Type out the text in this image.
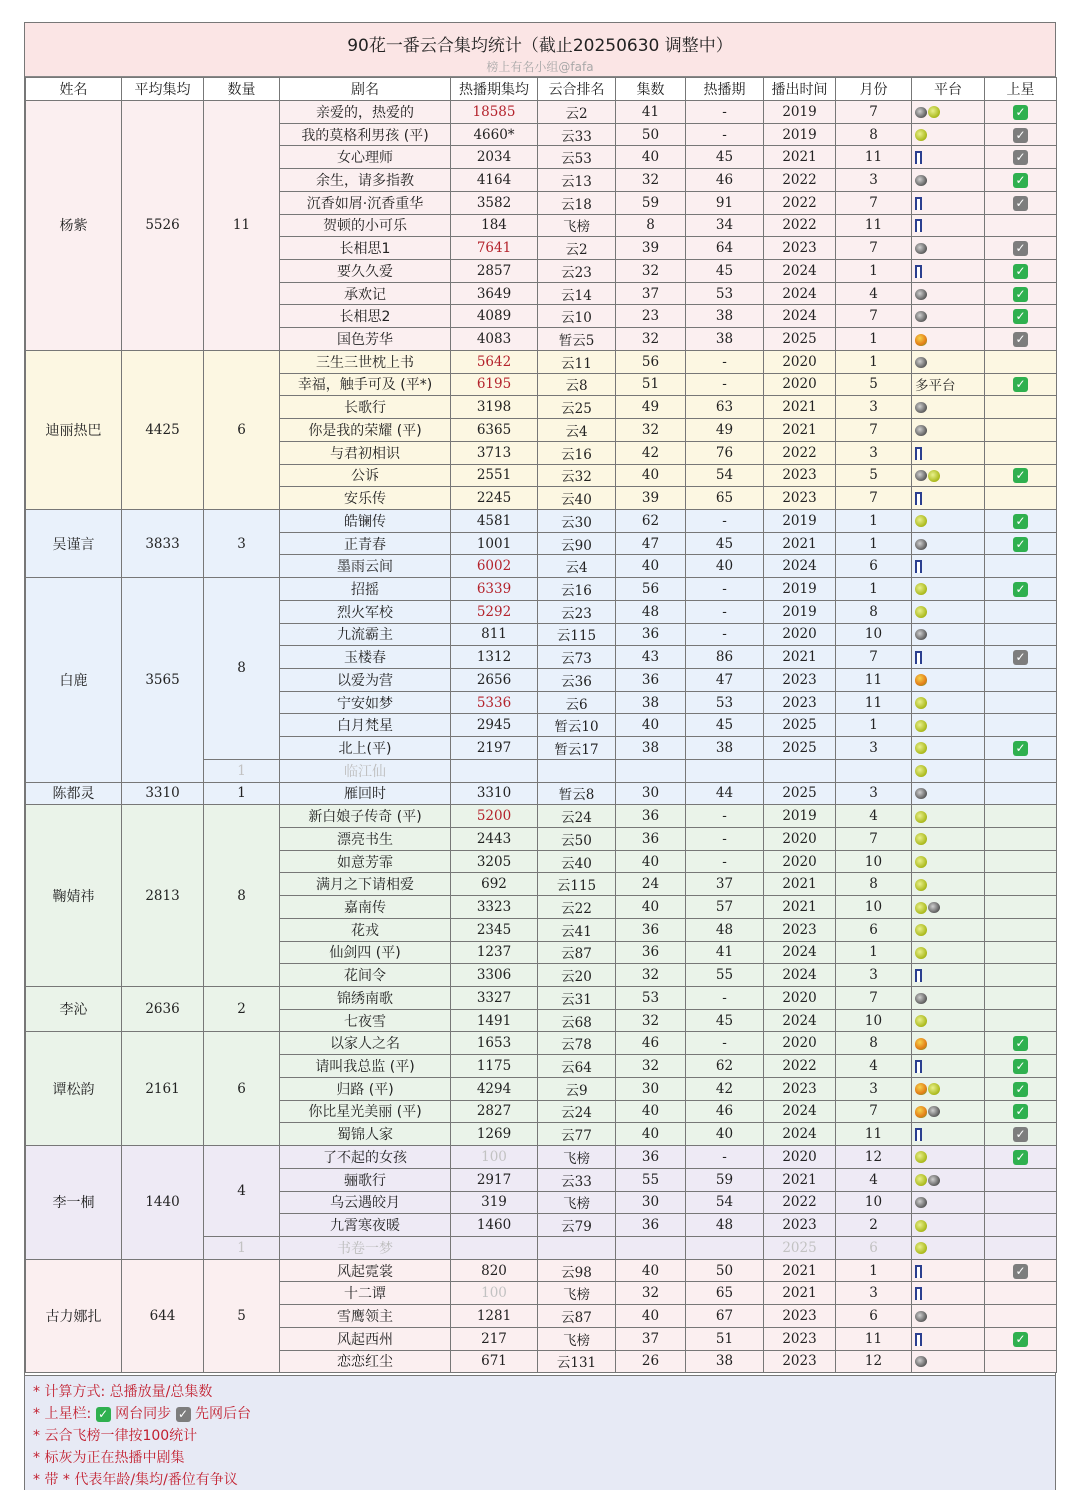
90花一番云合集均统计（截止20250630 调整中）
榜上有名小组@fafa
姓名	平均集均	数量	剧名	热播期集均	云合排名	集数	热播期	播出时间	月份	平台	上星
杨紫	5526	11	亲爱的，热爱的	18585	云2	41	-	2019	7		✓
			我的莫格利男孩 (平)	4660*	云33	50	-	2019	8		✓
			女心理师	2034	云53	40	45	2021	11		✓
			余生，请多指教	4164	云13	32	46	2022	3		✓
			沉香如屑·沉香重华	3582	云18	59	91	2022	7		✓
			贺顿的小可乐	184	飞榜	8	34	2022	11		
			长相思1	7641	云2	39	64	2023	7		✓
			要久久爱	2857	云23	32	45	2024	1		✓
			承欢记	3649	云14	37	53	2024	4		✓
			长相思2	4089	云10	23	38	2024	7		✓
			国色芳华	4083	暂云5	32	38	2025	1		✓
迪丽热巴	4425	6	三生三世枕上书	5642	云11	56	-	2020	1		
			幸福，触手可及 (平*)	6195	云8	51	-	2020	5	多平台	✓
			长歌行	3198	云25	49	63	2021	3		
			你是我的荣耀 (平)	6365	云4	32	49	2021	7		
			与君初相识	3713	云16	42	76	2022	3		
			公诉	2551	云32	40	54	2023	5		✓
			安乐传	2245	云40	39	65	2023	7		
吴谨言	3833	3	皓镧传	4581	云30	62	-	2019	1		✓
			正青春	1001	云90	47	45	2021	1		✓
			墨雨云间	6002	云4	40	40	2024	6		
白鹿	3565	8	招摇	6339	云16	56	-	2019	1		✓
			烈火军校	5292	云23	48	-	2019	8		
			九流霸主	811	云115	36	-	2020	10		
			玉楼春	1312	云73	43	86	2021	7		✓
			以爱为营	2656	云36	36	47	2023	11		
			宁安如梦	5336	云6	38	53	2023	11		
			白月梵星	2945	暂云10	40	45	2025	1		
			北上(平)	2197	暂云17	38	38	2025	3		✓
		1	临江仙								
陈都灵	3310	1	雁回时	3310	暂云8	30	44	2025	3		
鞠婧祎	2813	8	新白娘子传奇 (平)	5200	云24	36	-	2019	4		
			漂亮书生	2443	云50	36	-	2020	7		
			如意芳霏	3205	云40	40	-	2020	10		
			满月之下请相爱	692	云115	24	37	2021	8		
			嘉南传	3323	云22	40	57	2021	10		
			花戎	2345	云41	36	48	2023	6		
			仙剑四 (平)	1237	云87	36	41	2024	1		
			花间令	3306	云20	32	55	2024	3		
李沁	2636	2	锦绣南歌	3327	云31	53	-	2020	7		
			七夜雪	1491	云68	32	45	2024	10		
谭松韵	2161	6	以家人之名	1653	云78	46	-	2020	8		✓
			请叫我总监 (平)	1175	云64	32	62	2022	4		✓
			归路 (平)	4294	云9	30	42	2023	3		✓
			你比星光美丽 (平)	2827	云24	40	46	2024	7		✓
			蜀锦人家	1269	云77	40	40	2024	11		✓
李一桐	1440	4	了不起的女孩	100	飞榜	36	-	2020	12		✓
			骊歌行	2917	云33	55	59	2021	4		
			乌云遇皎月	319	飞榜	30	54	2022	10		
			九霄寒夜暖	1460	云79	36	48	2023	2		
		1	书卷一梦					2025	6		
古力娜扎	644	5	风起霓裳	820	云98	40	50	2021	1		✓
			十二谭	100	飞榜	32	65	2021	3		
			雪鹰领主	1281	云87	40	67	2023	6		
			风起西州	217	飞榜	37	51	2023	11		✓
			恋恋红尘	671	云131	26	38	2023	12		
* 计算方式: 总播放量/总集数
* 上星栏: ✓ 网台同步 ✓ 先网后台
* 云合飞榜一律按100统计
* 标灰为正在热播中剧集
* 带 * 代表年龄/集均/番位有争议
